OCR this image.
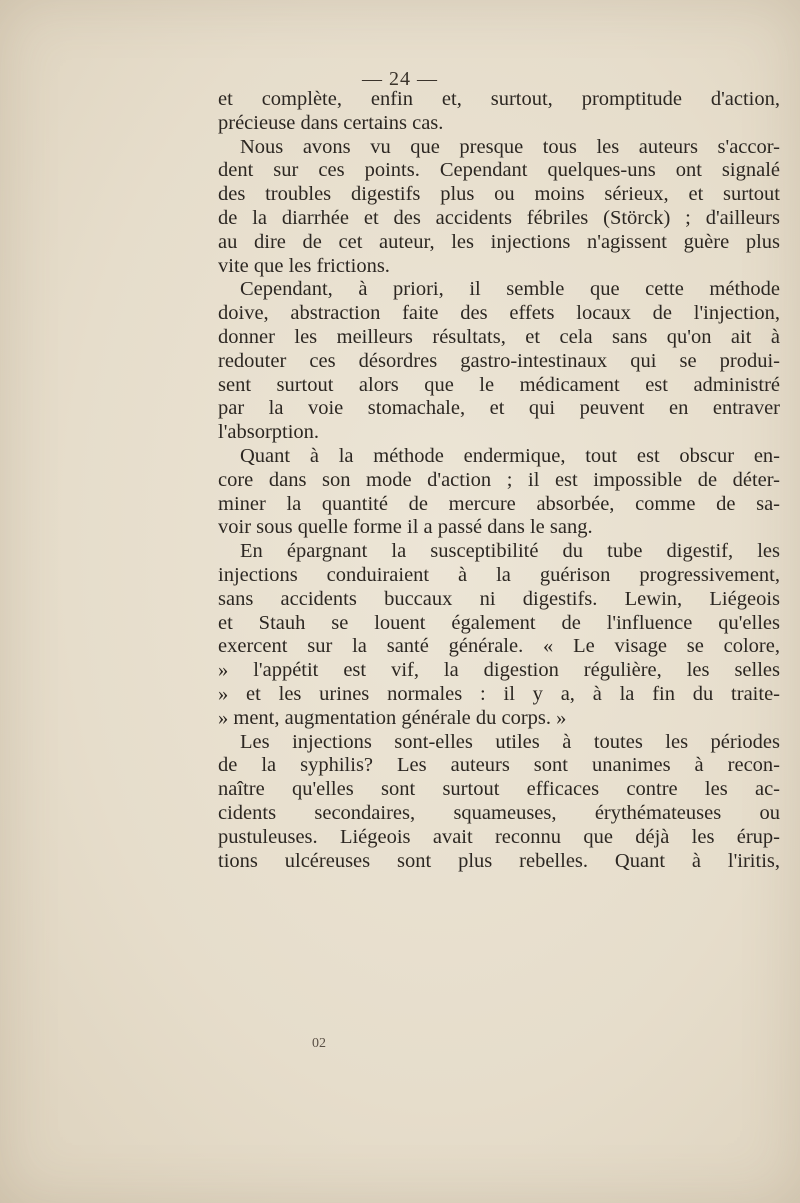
— 24 —
et complète, enfin et, surtout, promptitude d'action,
précieuse dans certains cas.
Nous avons vu que presque tous les auteurs s'accor-
dent sur ces points. Cependant quelques-uns ont signalé
des troubles digestifs plus ou moins sérieux, et surtout
de la diarrhée et des accidents fébriles (Störck) ; d'ailleurs
au dire de cet auteur, les injections n'agissent guère plus
vite que les frictions.
Cependant, à priori, il semble que cette méthode
doive, abstraction faite des effets locaux de l'injection,
donner les meilleurs résultats, et cela sans qu'on ait à
redouter ces désordres gastro-intestinaux qui se produi-
sent surtout alors que le médicament est administré
par la voie stomachale, et qui peuvent en entraver
l'absorption.
Quant à la méthode endermique, tout est obscur en-
core dans son mode d'action ; il est impossible de déter-
miner la quantité de mercure absorbée, comme de sa-
voir sous quelle forme il a passé dans le sang.
En épargnant la susceptibilité du tube digestif, les
injections conduiraient à la guérison progressivement,
sans accidents buccaux ni digestifs. Lewin, Liégeois
et Stauh se louent également de l'influence qu'elles
exercent sur la santé générale. « Le visage se colore,
» l'appétit est vif, la digestion régulière, les selles
» et les urines normales : il y a, à la fin du traite-
» ment, augmentation générale du corps. »
Les injections sont-elles utiles à toutes les périodes
de la syphilis? Les auteurs sont unanimes à recon-
naître qu'elles sont surtout efficaces contre les ac-
cidents secondaires, squameuses, érythémateuses ou
pustuleuses. Liégeois avait reconnu que déjà les érup-
tions ulcéreuses sont plus rebelles. Quant à l'iritis,
02
